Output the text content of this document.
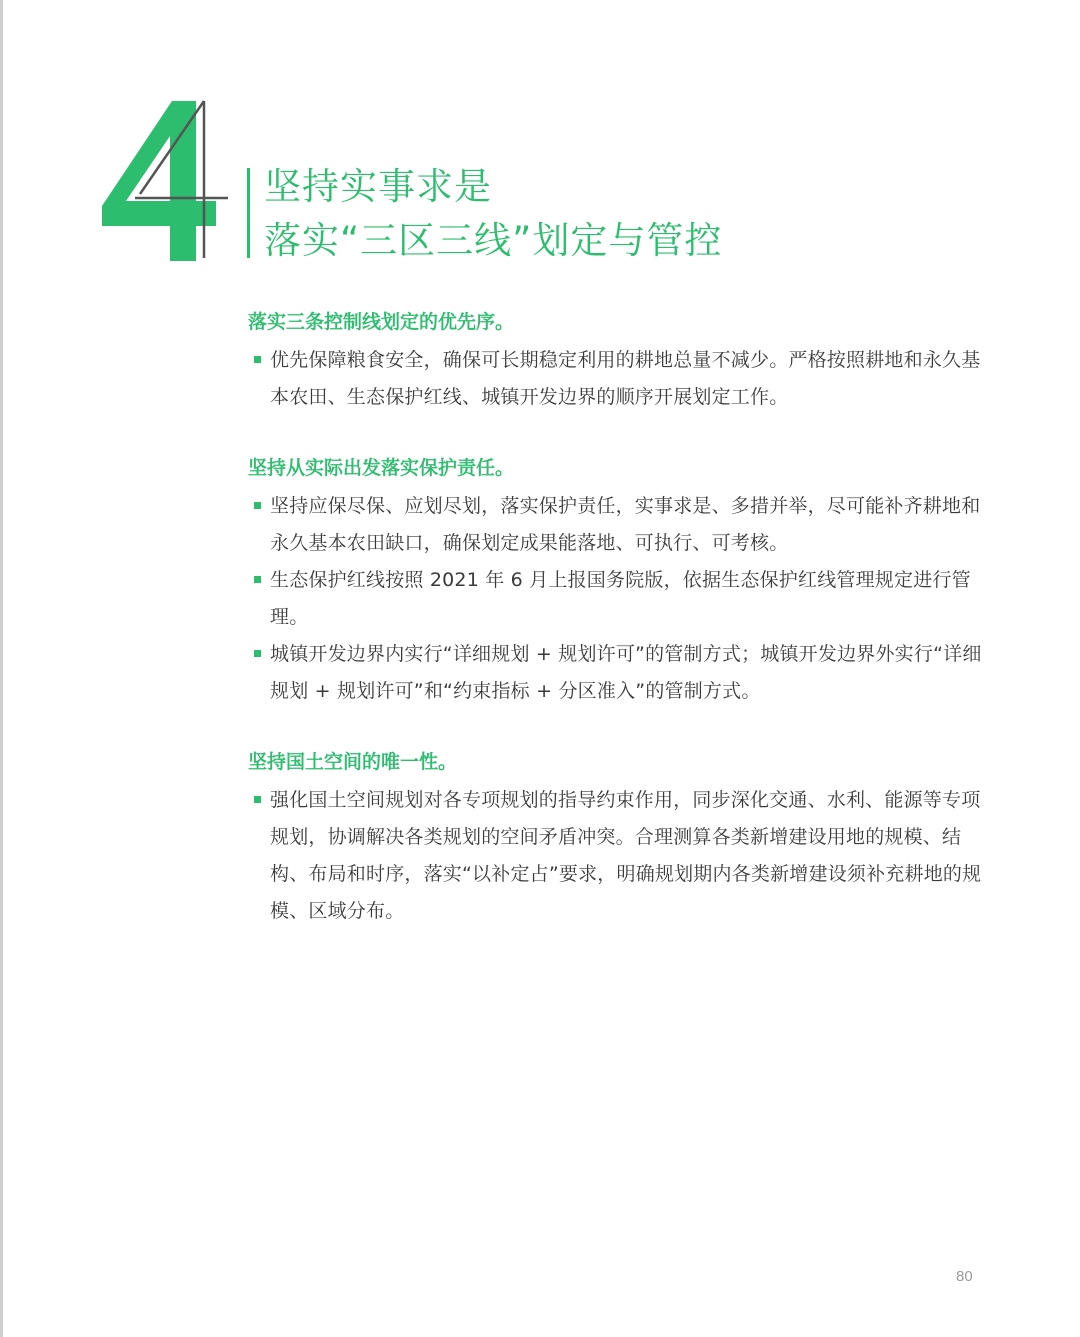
4
坚持实事求是
落实“三区三线”划定与管控
落实三条控制线划定的优先序。
优先保障粮食安全，确保可长期稳定利用的耕地总量不减少。严格按照耕地和永久基本农田、生态保护红线、城镇开发边界的顺序开展划定工作。
坚持从实际出发落实保护责任。
坚持应保尽保、应划尽划，落实保护责任，实事求是、多措并举，尽可能补齐耕地和永久基本农田缺口，确保划定成果能落地、可执行、可考核。
生态保护红线按照 2021 年 6 月上报国务院版，依据生态保护红线管理规定进行管理。
城镇开发边界内实行“详细规划 + 规划许可”的管制方式；城镇开发边界外实行“详细规划 + 规划许可”和“约束指标 + 分区准入”的管制方式。
坚持国土空间的唯一性。
强化国土空间规划对各专项规划的指导约束作用，同步深化交通、水利、能源等专项规划，协调解决各类规划的空间矛盾冲突。合理测算各类新增建设用地的规模、结构、布局和时序，落实“以补定占”要求，明确规划期内各类新增建设须补充耕地的规模、区域分布。
80
